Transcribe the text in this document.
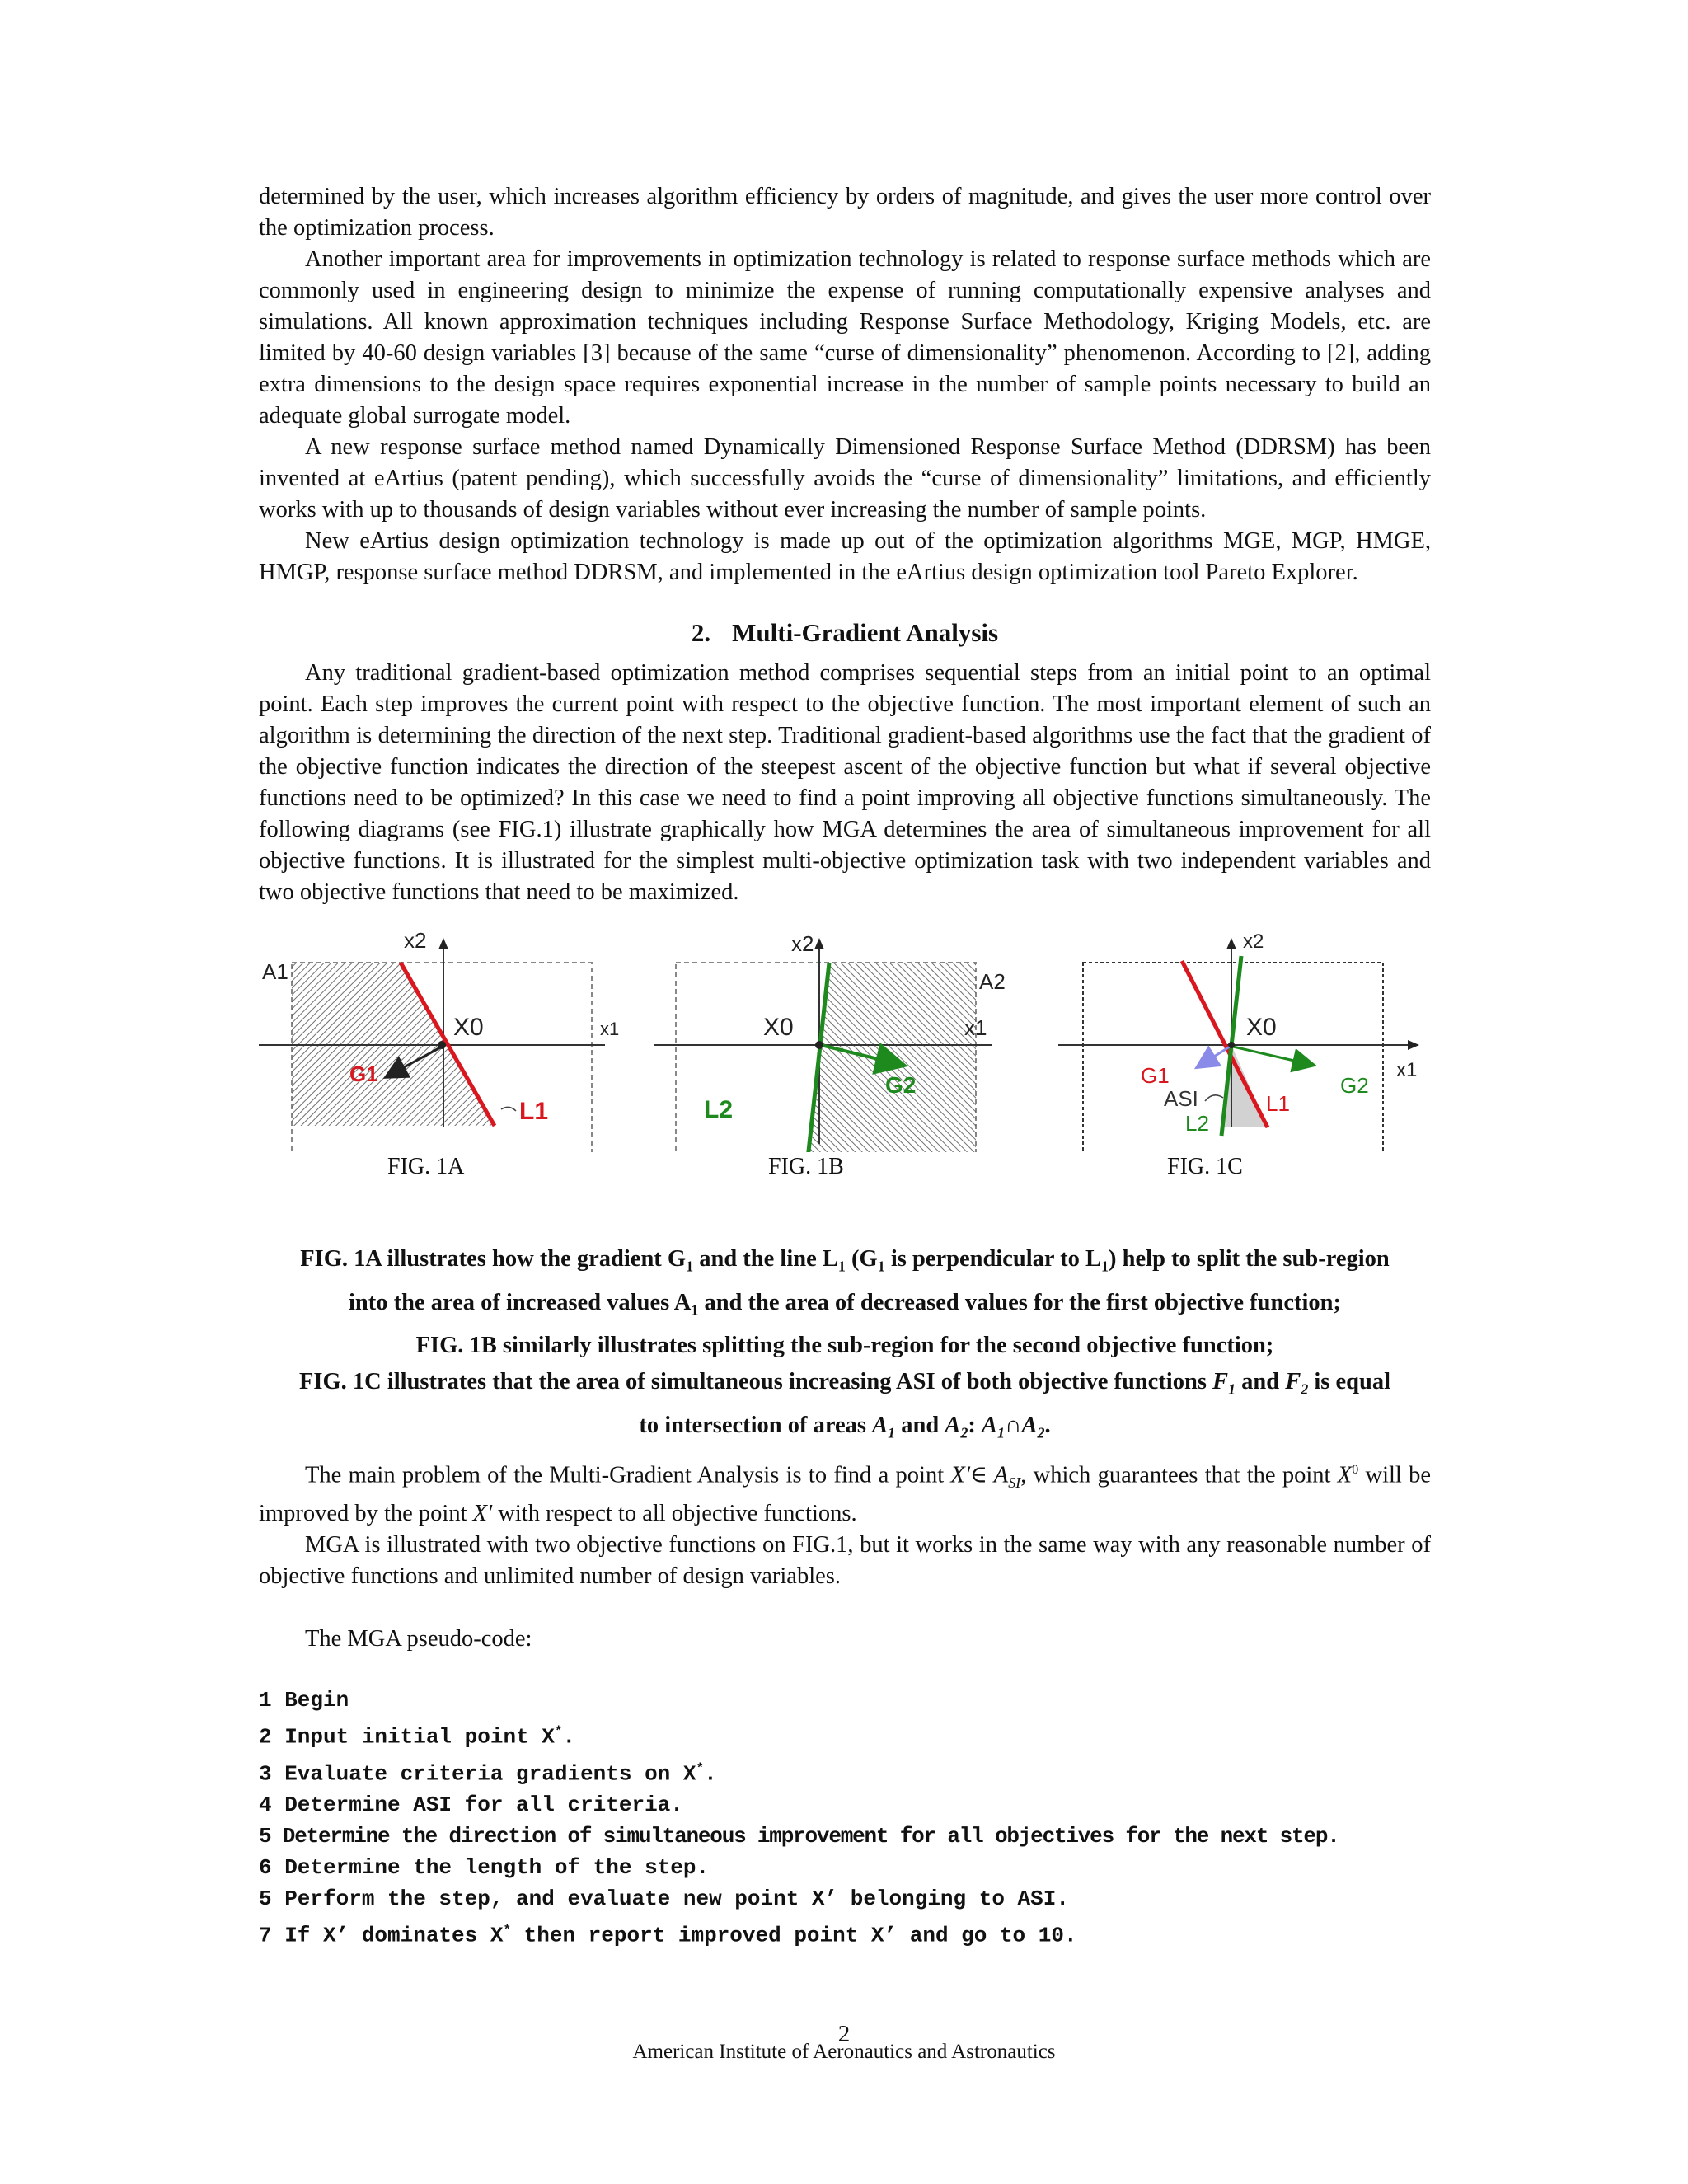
determined by the user, which increases algorithm efficiency by orders of magnitude, and gives the user more control over the optimization process.

Another important area for improvements in optimization technology is related to response surface methods which are commonly used in engineering design to minimize the expense of running computationally expensive analyses and simulations. All known approximation techniques including Response Surface Methodology, Kriging Models, etc. are limited by 40-60 design variables [3] because of the same “curse of dimensionality” phenomenon. According to [2], adding extra dimensions to the design space requires exponential increase in the number of sample points necessary to build an adequate global surrogate model.

A new response surface method named Dynamically Dimensioned Response Surface Method (DDRSM) has been invented at eArtius (patent pending), which successfully avoids the “curse of dimensionality” limitations, and efficiently works with up to thousands of design variables without ever increasing the number of sample points.

New eArtius design optimization technology is made up out of the optimization algorithms MGE, MGP, HMGE, HMGP, response surface method DDRSM, and implemented in the eArtius design optimization tool Pareto Explorer.

2. Multi-Gradient Analysis

Any traditional gradient-based optimization method comprises sequential steps from an initial point to an optimal point. Each step improves the current point with respect to the objective function. The most important element of such an algorithm is determining the direction of the next step. Traditional gradient-based algorithms use the fact that the gradient of the objective function indicates the direction of the steepest ascent of the objective function but what if several objective functions need to be optimized? In this case we need to find a point improving all objective functions simultaneously. The following diagrams (see FIG.1) illustrate graphically how MGA determines the area of simultaneous improvement for all objective functions. It is illustrated for the simplest multi-objective optimization task with two independent variables and two objective functions that need to be maximized.

x2
A1
X0	x1
G1
L1
FIG. 1A
x2
A2
X0	x1
G2
L2
FIG. 1B
x2
X0
x1
G1
ASI
L2
L1
G2
FIG. 1C
FIG. 1A illustrates how the gradient $G_1$ and the line $L_1$ ($G_1$ is perpendicular to $L_1$) help to split the sub-region
into the area of increased values $A_1$ and the area of decreased values for the first objective function;
FIG. 1B similarly illustrates splitting the sub-region for the second objective function;
FIG. 1C illustrates that the area of simultaneous increasing ASI of both objective functions $F_1$ and $F_2$ is equal
to intersection of areas $A_1$ and $A_2$: $A_1\cap A_2$.

The main problem of the Multi-Gradient Analysis is to find a point X'∈ $A_{SI}$, which guarantees that the point $X^0$ will be improved by the point X' with respect to all objective functions.

MGA is illustrated with two objective functions on FIG.1, but it works in the same way with any reasonable number of objective functions and unlimited number of design variables.

The MGA pseudo-code:

1 Begin
2 Input initial point X*.
3 Evaluate criteria gradients on X*.
4 Determine ASI for all criteria.
5 Determine the direction of simultaneous improvement for all objectives for the next step.
6 Determine the length of the step.
5 Perform the step, and evaluate new point X’ belonging to ASI.
7 If X’ dominates X* then report improved point X’ and go to 10.
2
American Institute of Aeronautics and Astronautics
